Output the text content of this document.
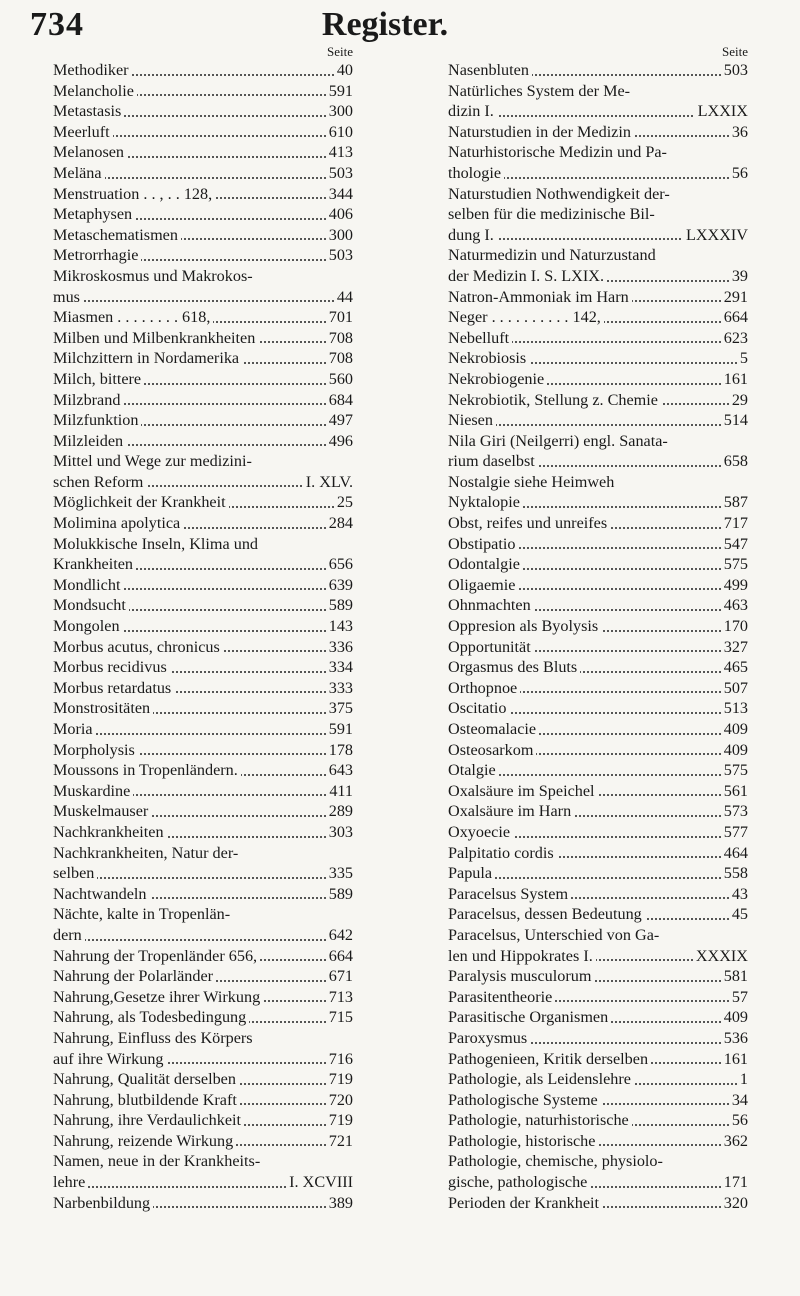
734	Register.
Seite
Methodiker	40
Melancholie	591
Metastasis	300
Meerluft	610
Melanosen	413
Meläna	503
Menstruation . . , . . 128,	344
Metaphysen	406
Metaschematismen	300
Metrorrhagie	503
Mikroskosmus und Makrokos-
mus	44
Miasmen . . . . . . . . 618,	701
Milben und Milbenkrankheiten	708
Milchzittern in Nordamerika	708
Milch, bittere	560
Milzbrand	684
Milzfunktion	497
Milzleiden	496
Mittel und Wege zur medizini-
schen Reform	I. XLV.
Möglichkeit der Krankheit	25
Molimina apolytica	284
Molukkische Inseln, Klima und
Krankheiten	656
Mondlicht	639
Mondsucht	589
Mongolen	143
Morbus acutus, chronicus	336
Morbus recidivus	334
Morbus retardatus	333
Monstrositäten	375
Moria	591
Morpholysis	178
Moussons in Tropenländern.	643
Muskardine	411
Muskelmauser	289
Nachkrankheiten	303
Nachkrankheiten, Natur der-
selben	335
Nachtwandeln	589
Nächte, kalte in Tropenlän-
dern	642
Nahrung der Tropenländer 656,	664
Nahrung der Polarländer	671
Nahrung,Gesetze ihrer Wirkung	713
Nahrung, als Todesbedingung	715
Nahrung, Einfluss des Körpers
auf ihre Wirkung	716
Nahrung, Qualität derselben	719
Nahrung, blutbildende Kraft	720
Nahrung, ihre Verdaulichkeit	719
Nahrung, reizende Wirkung	721
Namen, neue in der Krankheits-
lehre	I. XCVIII
Narbenbildung	389
Seite
Nasenbluten	503
Natürliches System der Me-
dizin I.	LXXIX
Naturstudien in der Medizin	36
Naturhistorische Medizin und Pa-
thologie	56
Naturstudien Nothwendigkeit der-
selben für die medizinische Bil-
dung I.	LXXXIV
Naturmedizin und Naturzustand
der Medizin I. S. LXIX.	39
Natron-Ammoniak im Harn	291
Neger . . . . . . . . . . 142,	664
Nebelluft	623
Nekrobiosis	5
Nekrobiogenie	161
Nekrobiotik, Stellung z. Chemie	29
Niesen	514
Nila Giri (Neilgerri) engl. Sanata-
rium daselbst	658
Nostalgie siehe Heimweh
Nyktalopie	587
Obst, reifes und unreifes	717
Obstipatio	547
Odontalgie	575
Oligaemie	499
Ohnmachten	463
Oppresion als Byolysis	170
Opportunität	327
Orgasmus des Bluts	465
Orthopnoe	507
Oscitatio	513
Osteomalacie	409
Osteosarkom	409
Otalgie	575
Oxalsäure im Speichel	561
Oxalsäure im Harn	573
Oxyoecie	577
Palpitatio cordis	464
Papula	558
Paracelsus System	43
Paracelsus, dessen Bedeutung	45
Paracelsus, Unterschied von Ga-
len und Hippokrates I.	XXXIX
Paralysis musculorum	581
Parasitentheorie	57
Parasitische Organismen	409
Paroxysmus	536
Pathogenieen, Kritik derselben	161
Pathologie, als Leidenslehre	1
Pathologische Systeme	34
Pathologie, naturhistorische	56
Pathologie, historische	362
Pathologie, chemische, physiolo-
gische, pathologische	171
Perioden der Krankheit	320
